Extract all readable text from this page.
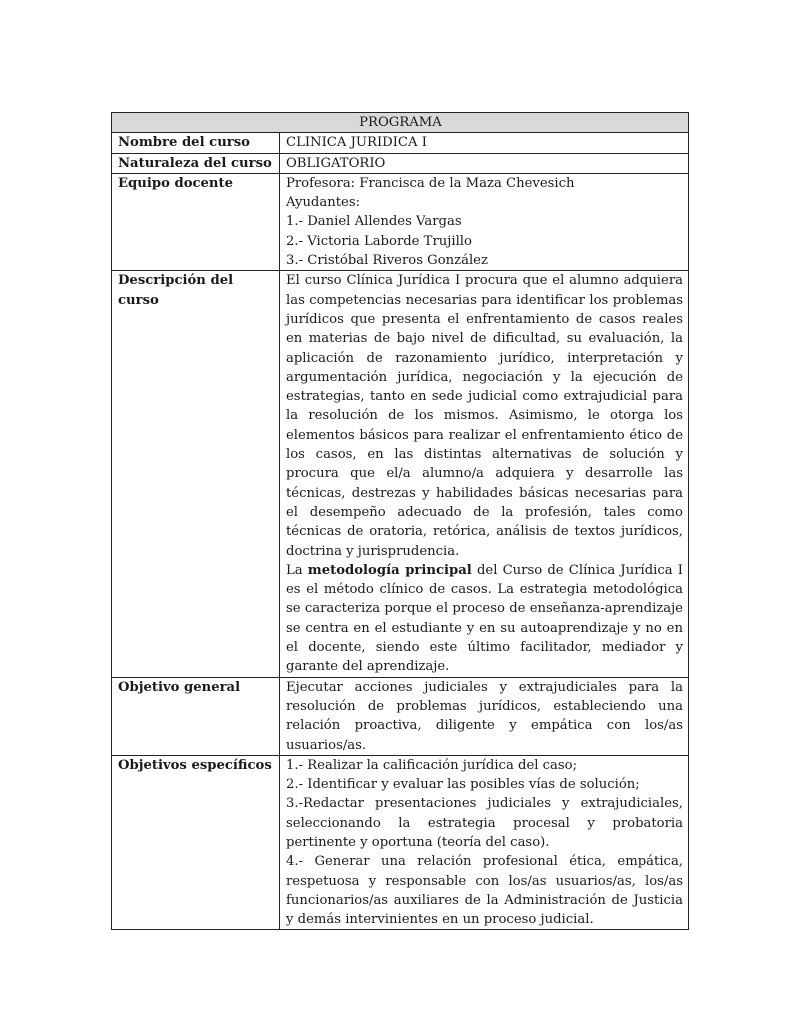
PROGRAMA	
Nombre del curso	CLINICA JURIDICA I
Naturaleza del curso	OBLIGATORIO
Equipo docente	Profesora: Francisca de la Maza Chevesich
Ayudantes:
1.- Daniel Allendes Vargas
2.- Victoria Laborde Trujillo
3.- Cristóbal Riveros González

Descripción del curso	El curso Clínica Jurídica I procura que el alumno adquiera las competencias necesarias para identificar los problemas jurídicos que presenta el enfrentamiento de casos reales en materias de bajo nivel de dificultad, su evaluación, la aplicación de razonamiento jurídico, interpretación y argumentación jurídica, negociación y la ejecución de estrategias, tanto en sede judicial como extrajudicial para la resolución de los mismos. Asimismo, le otorga los elementos básicos para realizar el enfrentamiento ético de los casos, en las distintas alternativas de solución y procura que el/a alumno/a adquiera y desarrolle las técnicas, destrezas y habilidades básicas necesarias para el desempeño adecuado de la profesión, tales como técnicas de oratoria, retórica, análisis de textos jurídicos, doctrina y jurisprudencia.
La metodología principal del Curso de Clínica Jurídica I es el método clínico de casos. La estrategia metodológica se caracteriza porque el proceso de enseñanza-aprendizaje se centra en el estudiante y en su autoaprendizaje y no en el docente, siendo este último facilitador, mediador y garante del aprendizaje.

Objetivo general	Ejecutar acciones judiciales y extrajudiciales para la resolución de problemas jurídicos, estableciendo una relación proactiva, diligente y empática con los/as usuarios/as.
Objetivos específicos	1.- Realizar la calificación jurídica del caso;
2.- Identificar y evaluar las posibles vías de solución;
3.-Redactar presentaciones judiciales y extrajudiciales, seleccionando la estrategia procesal y probatoria pertinente y oportuna (teoría del caso).
4.- Generar una relación profesional ética, empática, respetuosa y responsable con los/as usuarios/as, los/as funcionarios/as auxiliares de la Administración de Justicia y demás intervinientes en un proceso judicial.
